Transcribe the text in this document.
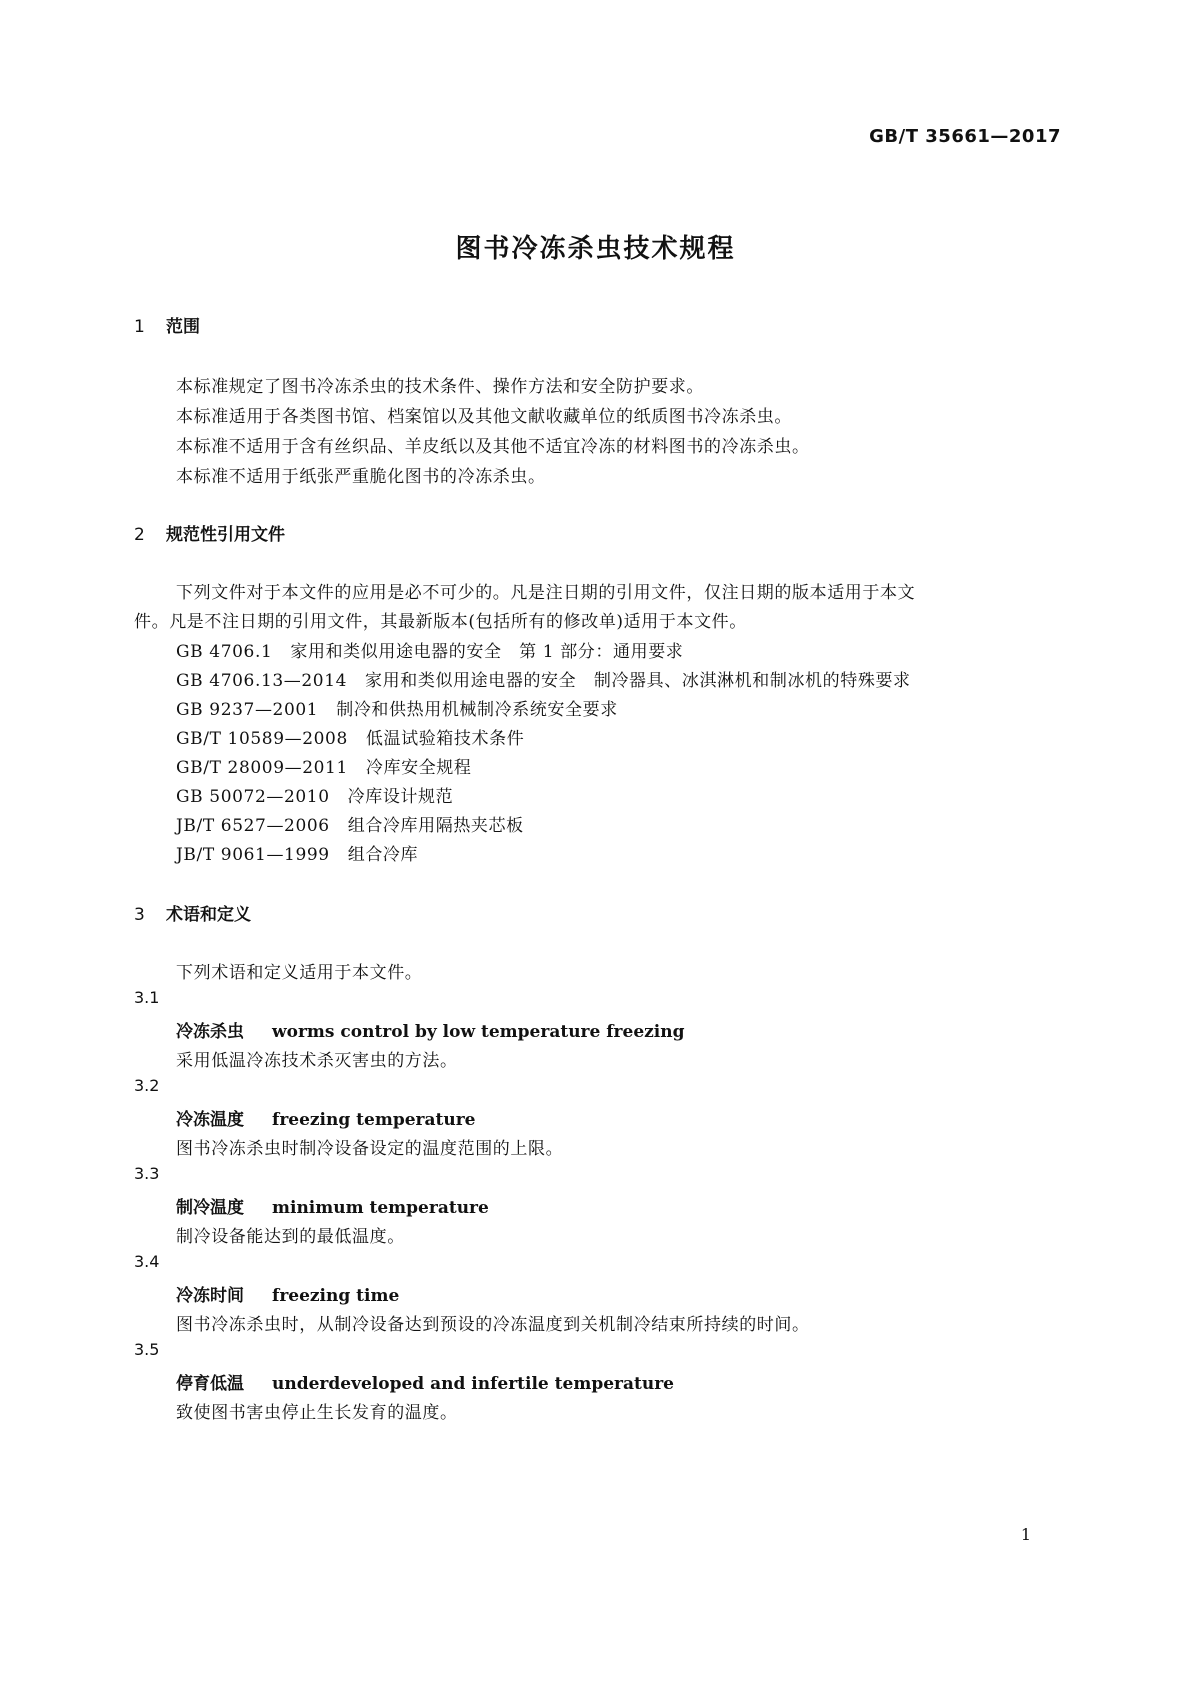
GB/T 35661—2017
图书冷冻杀虫技术规程
1 范围
本标准规定了图书冷冻杀虫的技术条件、操作方法和安全防护要求。
本标准适用于各类图书馆、档案馆以及其他文献收藏单位的纸质图书冷冻杀虫。
本标准不适用于含有丝织品、羊皮纸以及其他不适宜冷冻的材料图书的冷冻杀虫。
本标准不适用于纸张严重脆化图书的冷冻杀虫。
2 规范性引用文件
下列文件对于本文件的应用是必不可少的。凡是注日期的引用文件，仅注日期的版本适用于本文
件。凡是不注日期的引用文件，其最新版本(包括所有的修改单)适用于本文件。
GB 4706.1 家用和类似用途电器的安全　第 1 部分：通用要求
GB 4706.13—2014 家用和类似用途电器的安全　制冷器具、冰淇淋机和制冰机的特殊要求
GB 9237—2001 制冷和供热用机械制冷系统安全要求
GB/T 10589—2008 低温试验箱技术条件
GB/T 28009—2011 冷库安全规程
GB 50072—2010 冷库设计规范
JB/T 6527—2006 组合冷库用隔热夹芯板
JB/T 9061—1999 组合冷库
3 术语和定义
下列术语和定义适用于本文件。
3.1
冷冻杀虫 worms control by low temperature freezing
采用低温冷冻技术杀灭害虫的方法。
3.2
冷冻温度 freezing temperature
图书冷冻杀虫时制冷设备设定的温度范围的上限。
3.3
制冷温度 minimum temperature
制冷设备能达到的最低温度。
3.4
冷冻时间 freezing time
图书冷冻杀虫时，从制冷设备达到预设的冷冻温度到关机制冷结束所持续的时间。
3.5
停育低温 underdeveloped and infertile temperature
致使图书害虫停止生长发育的温度。
1
